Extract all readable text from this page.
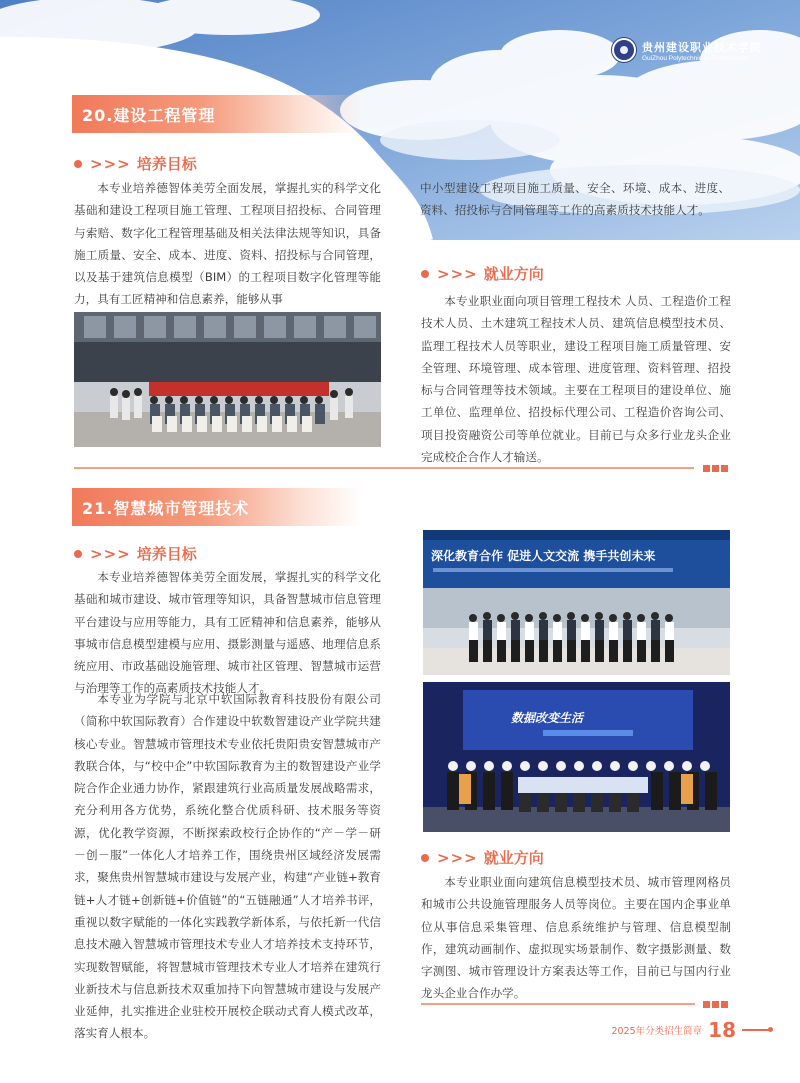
贵州建设职业技术学院
GuiZhou Polytechnic of Construction
20.建设工程管理
>>> 培养目标

本专业培养德智体美劳全面发展，掌握扎实的科学文化基础和建设工程项目施工管理、工程项目招投标、合同管理与索赔、数字化工程管理基础及相关法律法规等知识，具备施工质量、安全、成本、进度、资料、招投标与合同管理，以及基于建筑信息模型（BIM）的工程项目数字化管理等能力，具有工匠精神和信息素养，能够从事

中小型建设工程项目施工质量、安全、环境、成本、进度、资料、招投标与合同管理等工作的高素质技术技能人才。

>>> 就业方向

本专业职业面向项目管理工程技术 人员、工程造价工程技术人员、土木建筑工程技术人员、建筑信息模型技术员、监理工程技术人员等职业，建设工程项目施工质量管理、安全管理、环境管理、成本管理、进度管理、资料管理、招投标与合同管理等技术领域。主要在工程项目的建设单位、施工单位、监理单位、招投标代理公司、工程造价咨询公司、项目投资融资公司等单位就业。目前已与众多行业龙头企业完成校企合作人才输送。

21.智慧城市管理技术
>>> 培养目标

本专业培养德智体美劳全面发展，掌握扎实的科学文化基础和城市建设、城市管理等知识，具备智慧城市信息管理平台建设与应用等能力，具有工匠精神和信息素养，能够从事城市信息模型建模与应用、摄影测量与遥感、地理信息系统应用、市政基础设施管理、城市社区管理、智慧城市运营与治理等工作的高素质技术技能人才。

本专业为学院与北京中软国际教育科技股份有限公司（简称中软国际教育）合作建设中软数智建设产业学院共建核心专业。智慧城市管理技术专业依托贵阳贵安智慧城市产教联合体，与“校中企”中软国际教育为主的数智建设产业学院合作企业通力协作，紧跟建筑行业高质量发展战略需求，充分利用各方优势，系统化整合优质科研、技术服务等资源，优化教学资源，不断探索政校行企协作的“产－学－研－创－服”一体化人才培养工作，围绕贵州区域经济发展需求，聚焦贵州智慧城市建设与发展产业，构建“产业链+教育链+人才链+创新链+价值链”的“五链融通”人才培养书评，重视以数字赋能的一体化实践教学新体系，与依托新一代信息技术融入智慧城市管理技术专业人才培养技术支持环节，实现数智赋能，将智慧城市管理技术专业人才培养在建筑行业新技术与信息新技术双重加持下向智慧城市建设与发展产业延伸，扎实推进企业驻校开展校企联动式育人模式改革，落实育人根本。

深化教育合作 促进人文交流 携手共创未来
数据改变生活
>>> 就业方向

本专业职业面向建筑信息模型技术员、城市管理网格员和城市公共设施管理服务人员等岗位。主要在国内企事业单位从事信息采集管理、信息系统维护与管理、信息模型制作，建筑动画制作、虚拟现实场景制作、数字摄影测量、数字测图、城市管理设计方案表达等工作，目前已与国内行业龙头企业合作办学。

2025年分类招生简章 18
